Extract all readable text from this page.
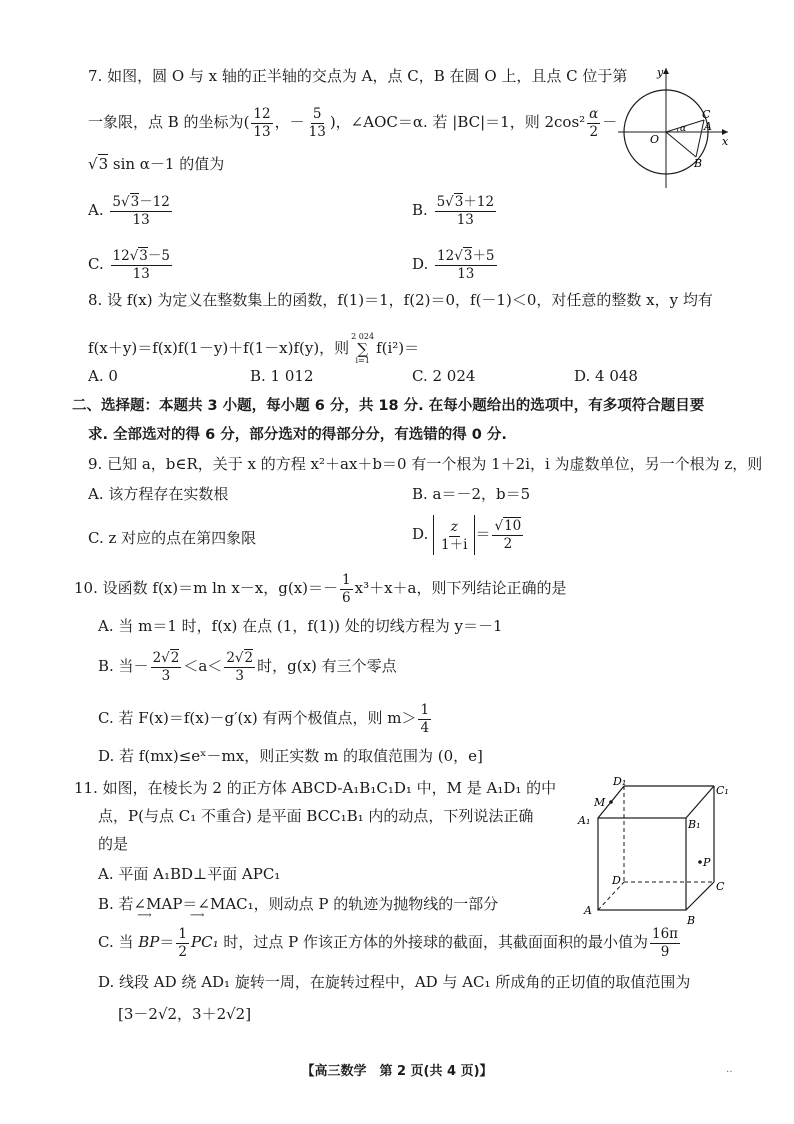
7. 如图，圆 O 与 x 轴的正半轴的交点为 A，点 C，B 在圆 O 上，且点 C 位于第
一象限，点 B 的坐标为( $\frac{12}{13}$ ，－ $\frac{5}{13}$ )，∠AOC＝α. 若 |BC|＝1，则 $2\cos^2 \frac{\alpha}{2}$ －
√3 sin α－1 的值为
A. $\frac{5√3-12}{13}$	B. $\frac{5√3+12}{13}$
C. $\frac{12√3-5}{13}$	D. $\frac{12√3+5}{13}$
y
x
O
A
C
B
α
8. 设 f(x) 为定义在整数集上的函数，f(1)＝1，f(2)＝0，f(－1)＜0，对任意的整数 x，y 均有
f(x＋y)＝f(x)f(1－y)＋f(1－x)f(y)，则
2 024
∑
i=1
f(i²)＝
A. 0	B. 1 012	C. 2 024	D. 4 048
二、选择题：本题共 3 小题，每小题 6 分，共 18 分. 在每小题给出的选项中，有多项符合题目要
求. 全部选对的得 6 分，部分选对的得部分分，有选错的得 0 分.
9. 已知 a，b∈R，关于 x 的方程 x²＋ax＋b＝0 有一个根为 1＋2i，i 为虚数单位，另一个根为 z，则
A. 该方程存在实数根	B. a＝－2，b＝5
C. z 对应的点在第四象限	D. $\frac{z}{1+i} = \frac{√10}{2}$
10. 设函数 f(x)＝m ln x－x，$g(x)=- \frac{1}{6} x^3+x+a$，则下列结论正确的是
A. 当 m＝1 时，f(x) 在点 (1，f(1)) 处的切线方程为 y＝－1
B. 当－ $\frac{2√2}{3} <a< \frac{2√2}{3}$ 时，g(x) 有三个零点
C. 若 F(x)＝f(x)－g′(x) 有两个极值点，则 $m> \frac{1}{4}$
D. 若 f(mx)≤eˣ－mx，则正实数 m 的取值范围为 (0，e]
11. 如图，在棱长为 2 的正方体 ABCD-A₁B₁C₁D₁ 中，M 是 A₁D₁ 的中
点，P(与点 C₁ 不重合) 是平面 BCC₁B₁ 内的动点，下列说法正确
的是
A. 平面 A₁BD⊥平面 APC₁
B. 若∠MAP＝∠MAC₁，则动点 P 的轨迹为抛物线的一部分
C. 当 ⟶ $BP= \frac{1}{2}$ ⟶ PC₁ 时，过点 P 作该正方体的外接球的截面，其截面面积的最小值为 $\frac{16\pi}{9}$
D. 线段 AD 绕 AD₁ 旋转一周，在旋转过程中，AD 与 AC₁ 所成角的正切值的取值范围为
[3－2√2，3＋2√2]
D₁
C₁
A₁	B₁
M
P
D	C
A
B
【高三数学　第 2 页(共 4 页)】	‥
